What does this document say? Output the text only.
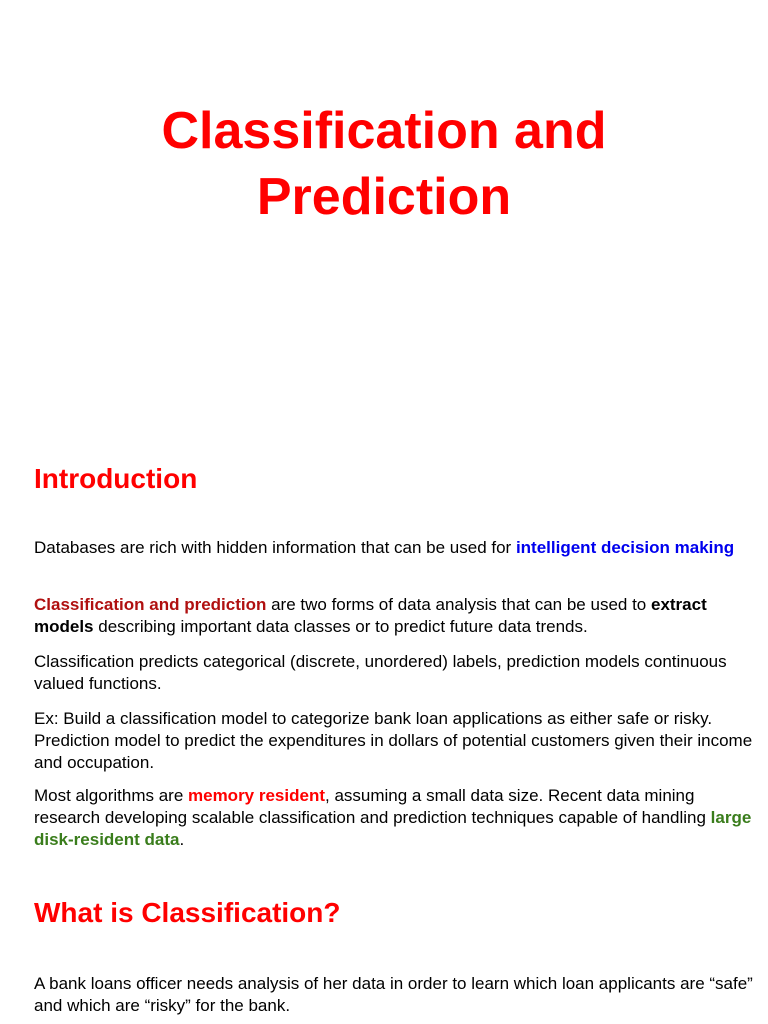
Classification and
Prediction
Introduction

Databases are rich with hidden information that can be used for intelligent decision making

Classification and prediction are two forms of data analysis that can be used to extract models describing important data classes or to predict future data trends.

Classification predicts categorical (discrete, unordered) labels, prediction models continuous valued functions.

Ex: Build a classification model to categorize bank loan applications as either safe or risky. Prediction model to predict the expenditures in dollars of potential customers given their income and occupation.

Most algorithms are memory resident, assuming a small data size. Recent data mining research developing scalable classification and prediction techniques capable of handling large disk-resident data.

What is Classification?

A bank loans officer needs analysis of her data in order to learn which loan applicants are “safe” and which are “risky” for the bank.
